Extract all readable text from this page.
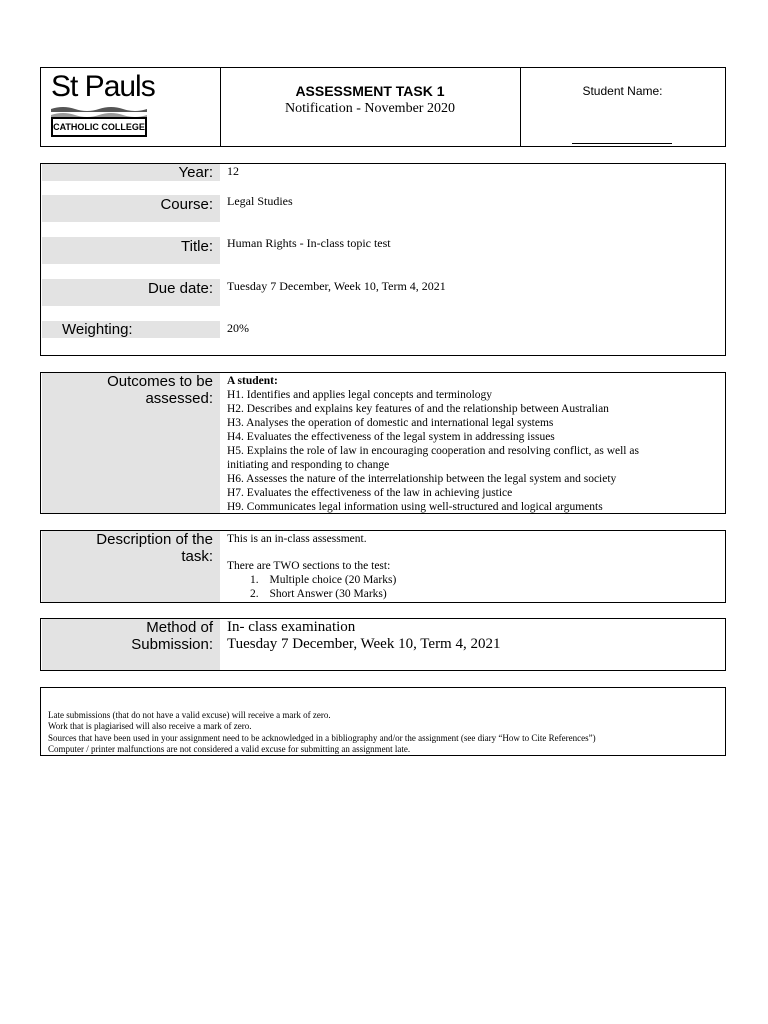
St Pauls
CATHOLIC COLLEGE
ASSESSMENT TASK 1
Notification - November 2020
Student Name:
Year:	12
Course:	Legal Studies
Title:	Human Rights - In-class topic test
Due date:	Tuesday 7 December, Week 10, Term 4, 2021
Weighting:	20%
Outcomes to be
assessed:
A student:
H1. Identifies and applies legal concepts and terminology
H2. Describes and explains key features of and the relationship between Australian
H3. Analyses the operation of domestic and international legal systems
H4. Evaluates the effectiveness of the legal system in addressing issues
H5. Explains the role of law in encouraging cooperation and resolving conflict, as well as
initiating and responding to change
H6. Assesses the nature of the interrelationship between the legal system and society
H7. Evaluates the effectiveness of the law in achieving justice
H9. Communicates legal information using well-structured and logical arguments
Description of the
task:
This is an in-class assessment.
There are TWO sections to the test:
1. Multiple choice (20 Marks)
2. Short Answer (30 Marks)
Method of
Submission:
In- class examination
Tuesday 7 December, Week 10, Term 4, 2021
Late submissions (that do not have a valid excuse) will receive a mark of zero.
Work that is plagiarised will also receive a mark of zero.
Sources that have been used in your assignment need to be acknowledged in a bibliography and/or the assignment (see diary “How to Cite References”)
Computer / printer malfunctions are not considered a valid excuse for submitting an assignment late.
